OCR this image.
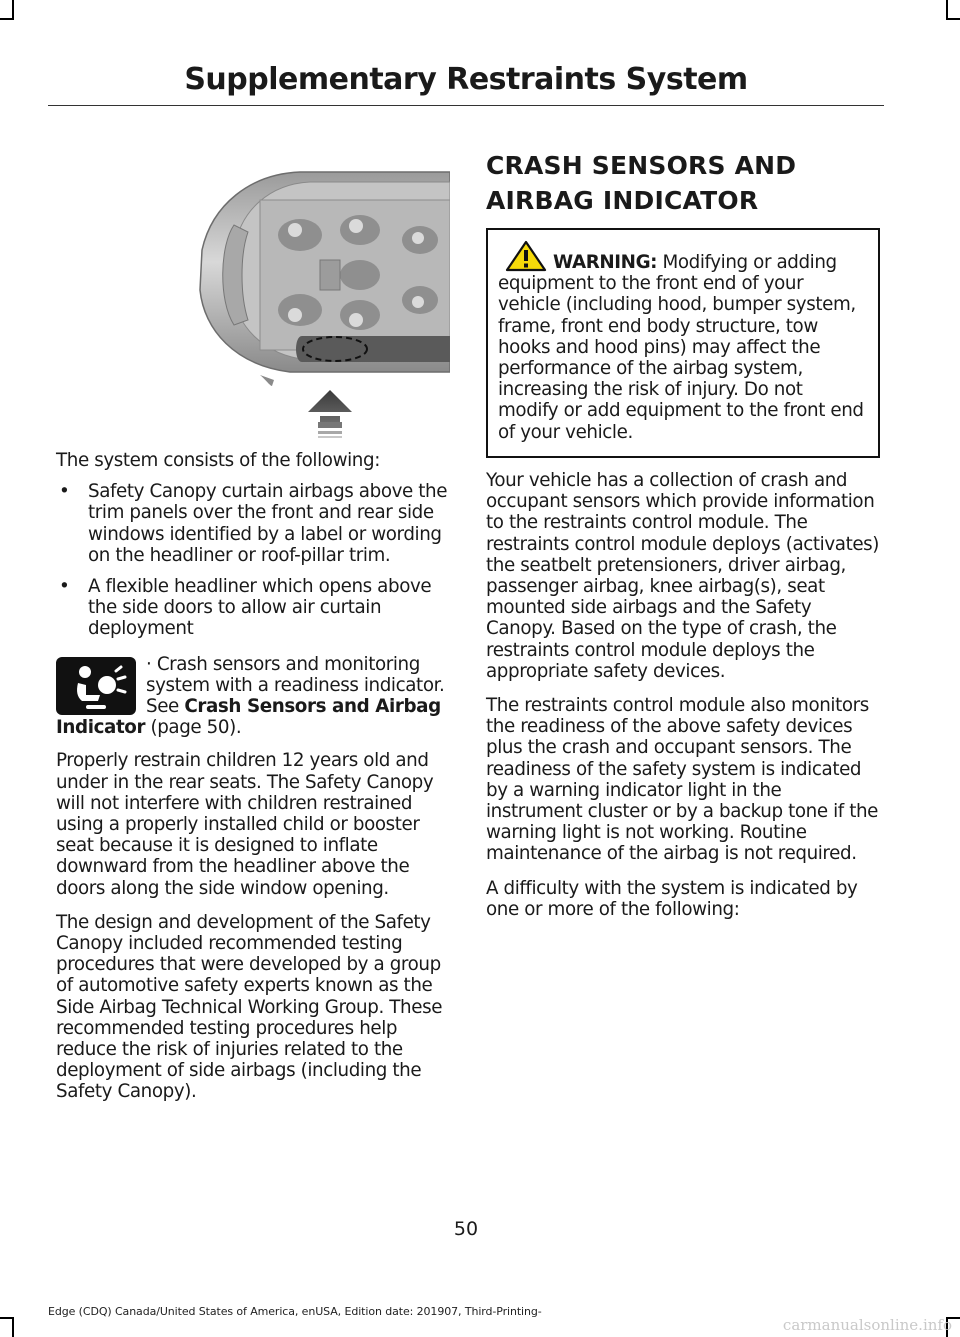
Supplementary Restraints System

The system consists of the following:

• Safety Canopy curtain airbags above the trim panels over the front and rear side windows identified by a label or wording on the headliner or roof-pillar trim.
• A flexible headliner which opens above the side doors to allow air curtain deployment
· Crash sensors and monitoring system with a readiness indicator. See Crash Sensors and Airbag Indicator (page 50).

Properly restrain children 12 years old and under in the rear seats. The Safety Canopy will not interfere with children restrained using a properly installed child or booster seat because it is designed to inflate downward from the headliner above the doors along the side window opening.

The design and development of the Safety Canopy included recommended testing procedures that were developed by a group of automotive safety experts known as the Side Airbag Technical Working Group. These recommended testing procedures help reduce the risk of injuries related to the deployment of side airbags (including the Safety Canopy).

CRASH SENSORS AND AIRBAG INDICATOR
WARNING: Modifying or adding equipment to the front end of your vehicle (including hood, bumper system, frame, front end body structure, tow hooks and hood pins) may affect the performance of the airbag system, increasing the risk of injury. Do not modify or add equipment to the front end of your vehicle.

Your vehicle has a collection of crash and occupant sensors which provide information to the restraints control module. The restraints control module deploys (activates) the seatbelt pretensioners, driver airbag, passenger airbag, knee airbag(s), seat mounted side airbags and the Safety Canopy. Based on the type of crash, the restraints control module deploys the appropriate safety devices.

The restraints control module also monitors the readiness of the above safety devices plus the crash and occupant sensors. The readiness of the safety system is indicated by a warning indicator light in the instrument cluster or by a backup tone if the warning light is not working. Routine maintenance of the airbag is not required.

A difficulty with the system is indicated by one or more of the following:

50
Edge (CDQ) Canada/United States of America, enUSA, Edition date: 201907, Third-Printing-
carmanualsonline.info
